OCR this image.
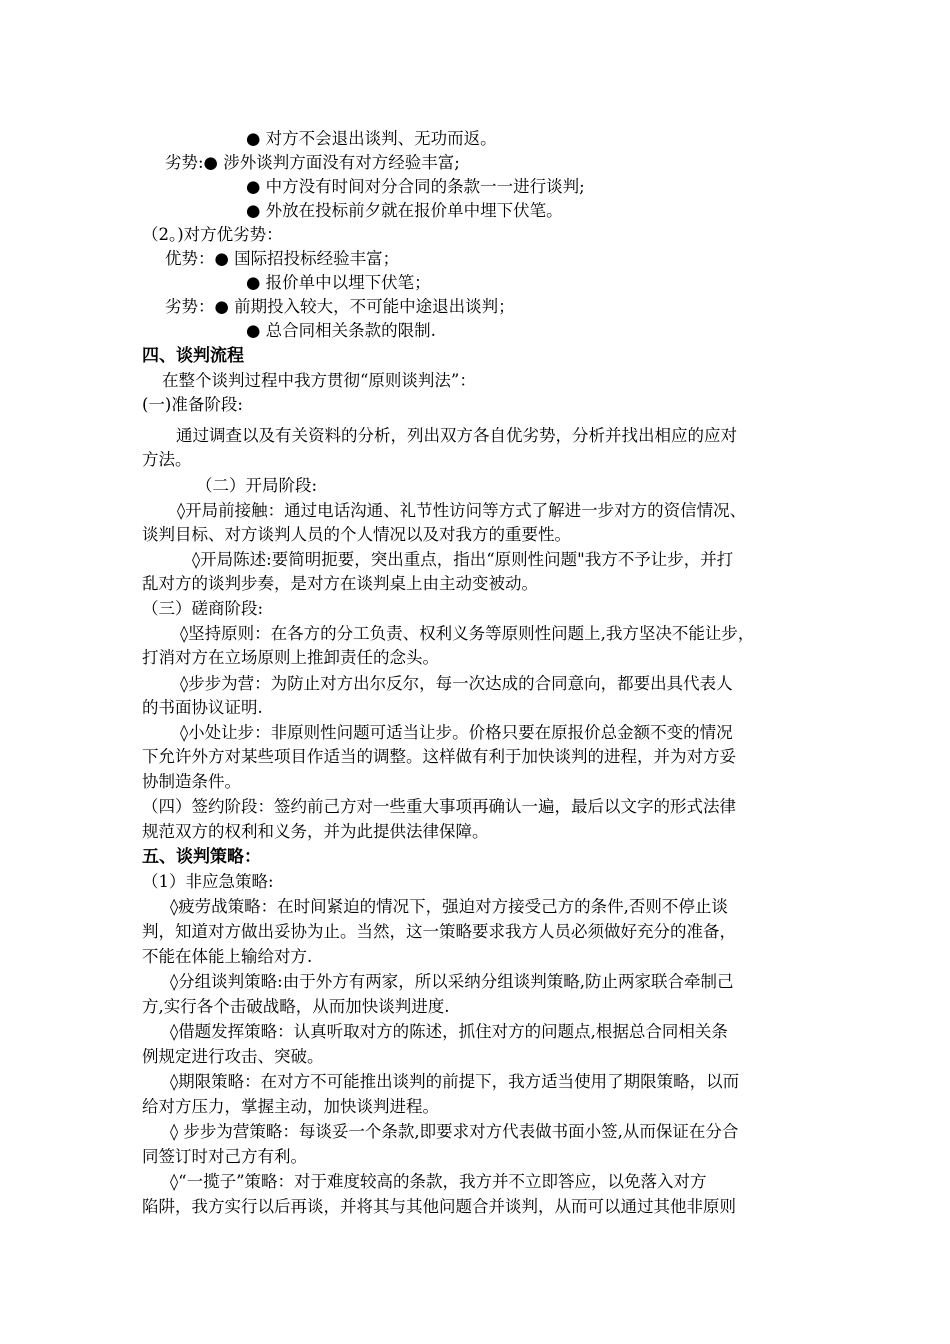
● 对方不会退出谈判、无功而返。
劣势:● 涉外谈判方面没有对方经验丰富;
● 中方没有时间对分合同的条款一一进行谈判;
● 外放在投标前夕就在报价单中埋下伏笔。
（2。)对方优劣势：
优势：● 国际招投标经验丰富；
● 报价单中以埋下伏笔；
劣势：● 前期投入较大，不可能中途退出谈判；
● 总合同相关条款的限制.
四、谈判流程
在整个谈判过程中我方贯彻“原则谈判法”：
(一)准备阶段:
通过调查以及有关资料的分析，列出双方各自优劣势，分析并找出相应的应对
方法。
（二）开局阶段:
◊开局前接触：通过电话沟通、礼节性访问等方式了解进一步对方的资信情况、
谈判目标、对方谈判人员的个人情况以及对我方的重要性。
◊开局陈述:要简明扼要，突出重点，指出“原则性问题"我方不予让步，并打
乱对方的谈判步奏，是对方在谈判桌上由主动变被动。
（三）磋商阶段:
◊坚持原则：在各方的分工负责、权利义务等原则性问题上,我方坚决不能让步，
打消对方在立场原则上推卸责任的念头。
◊步步为营：为防止对方出尔反尔，每一次达成的合同意向，都要出具代表人
的书面协议证明.
◊小处让步：非原则性问题可适当让步。价格只要在原报价总金额不变的情况
下允许外方对某些项目作适当的调整。这样做有利于加快谈判的进程，并为对方妥
协制造条件。
（四）签约阶段：签约前己方对一些重大事项再确认一遍，最后以文字的形式法律
规范双方的权利和义务，并为此提供法律保障。
五、谈判策略：
（1）非应急策略:
◊疲劳战策略：在时间紧迫的情况下，强迫对方接受己方的条件,否则不停止谈
判，知道对方做出妥协为止。当然，这一策略要求我方人员必须做好充分的准备，
不能在体能上输给对方.
◊分组谈判策略:由于外方有两家，所以采纳分组谈判策略,防止两家联合牵制己
方,实行各个击破战略，从而加快谈判进度.
◊借题发挥策略：认真听取对方的陈述，抓住对方的问题点,根据总合同相关条
例规定进行攻击、突破。
◊期限策略：在对方不可能推出谈判的前提下，我方适当使用了期限策略，以而
给对方压力，掌握主动，加快谈判进程。
◊ 步步为营策略：每谈妥一个条款,即要求对方代表做书面小签,从而保证在分合
同签订时对己方有利。
◊“一揽子”策略：对于难度较高的条款，我方并不立即答应，以免落入对方
陷阱，我方实行以后再谈，并将其与其他问题合并谈判，从而可以通过其他非原则
